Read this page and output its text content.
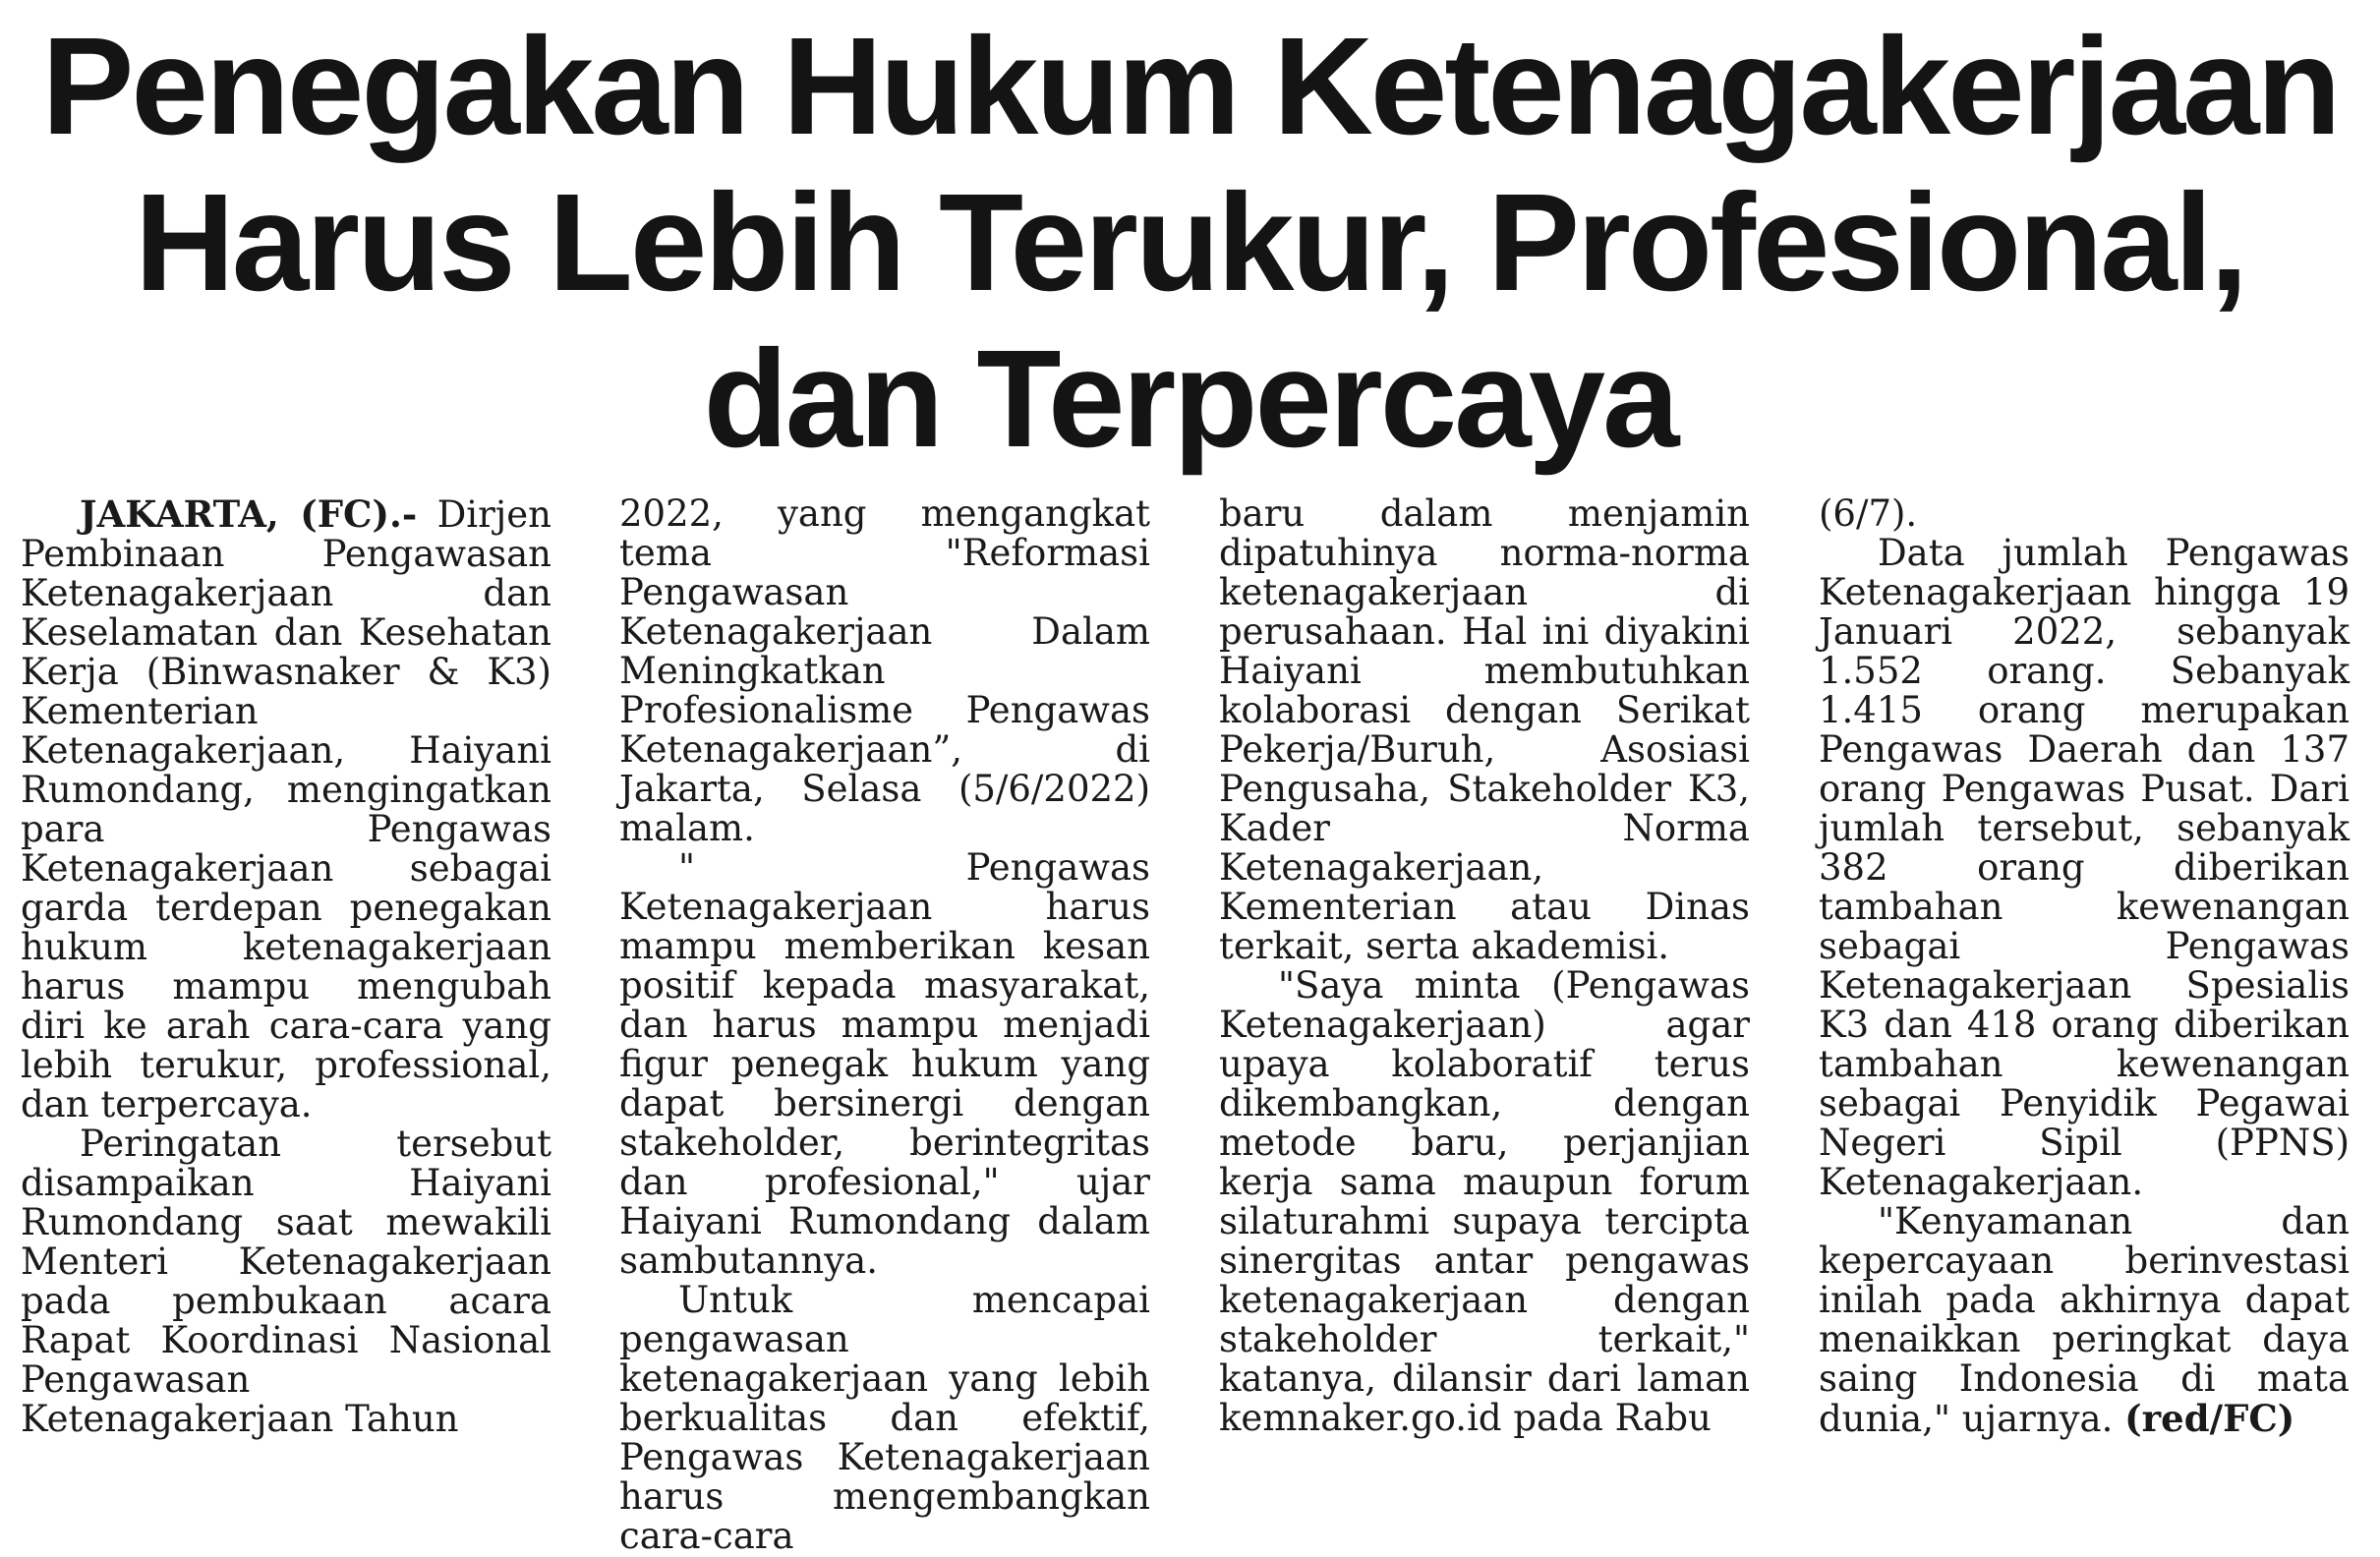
Penegakan Hukum Ketenagakerjaan
Harus Lebih Terukur, Profesional,
dan Terpercaya

JAKARTA, (FC).- Dirjen Pembinaan Pengawasan Ketenagakerjaan dan Keselamatan dan Kesehatan Kerja (Binwasnaker & K3) Kementerian Ketenagakerjaan, Haiyani Rumondang, mengingatkan para Pengawas Ketenagakerjaan sebagai garda terdepan penegakan hukum ketenagakerjaan harus mampu mengubah diri ke arah cara-cara yang lebih terukur, professional, dan terpercaya.

Peringatan tersebut disampaikan Haiyani Rumondang saat mewakili Menteri Ketenagakerjaan pada pembukaan acara Rapat Koordinasi Nasional Pengawasan Ketenagakerjaan Tahun

2022, yang mengangkat tema "Reformasi Pengawasan Ketenagakerjaan Dalam Meningkatkan Profesionalisme Pengawas Ketenagakerjaan”, di Jakarta, Selasa (5/6/2022) malam.

" Pengawas Ketenagakerjaan harus mampu memberikan kesan positif kepada masyarakat, dan harus mampu menjadi figur penegak hukum yang dapat bersinergi dengan stakeholder, berintegritas dan profesional," ujar Haiyani Rumondang dalam sambutannya.

Untuk mencapai pengawasan ketenagakerjaan yang lebih berkualitas dan efektif, Pengawas Ketenagakerjaan harus mengembangkan cara-cara

baru dalam menjamin dipatuhinya norma-norma ketenagakerjaan di perusahaan. Hal ini diyakini Haiyani membutuhkan kolaborasi dengan Serikat Pekerja/Buruh, Asosiasi Pengusaha, Stakeholder K3, Kader Norma Ketenagakerjaan, Kementerian atau Dinas terkait, serta akademisi.

"Saya minta (Pengawas Ketenagakerjaan) agar upaya kolaboratif terus dikembangkan, dengan metode baru, perjanjian kerja sama maupun forum silaturahmi supaya tercipta sinergitas antar pengawas ketenagakerjaan dengan stakeholder terkait," katanya, dilansir dari laman kemnaker.go.id pada Rabu

(6/7).

Data jumlah Pengawas Ketenagakerjaan hingga 19 Januari 2022, sebanyak 1.552 orang. Sebanyak 1.415 orang merupakan Pengawas Daerah dan 137 orang Pengawas Pusat. Dari jumlah tersebut, sebanyak 382 orang diberikan tambahan kewenangan sebagai Pengawas Ketenagakerjaan Spesialis K3 dan 418 orang diberikan tambahan kewenangan sebagai Penyidik Pegawai Negeri Sipil (PPNS) Ketenagakerjaan.

"Kenyamanan dan kepercayaan berinvestasi inilah pada akhirnya dapat menaikkan peringkat daya saing Indonesia di mata dunia," ujarnya. (red/FC)
